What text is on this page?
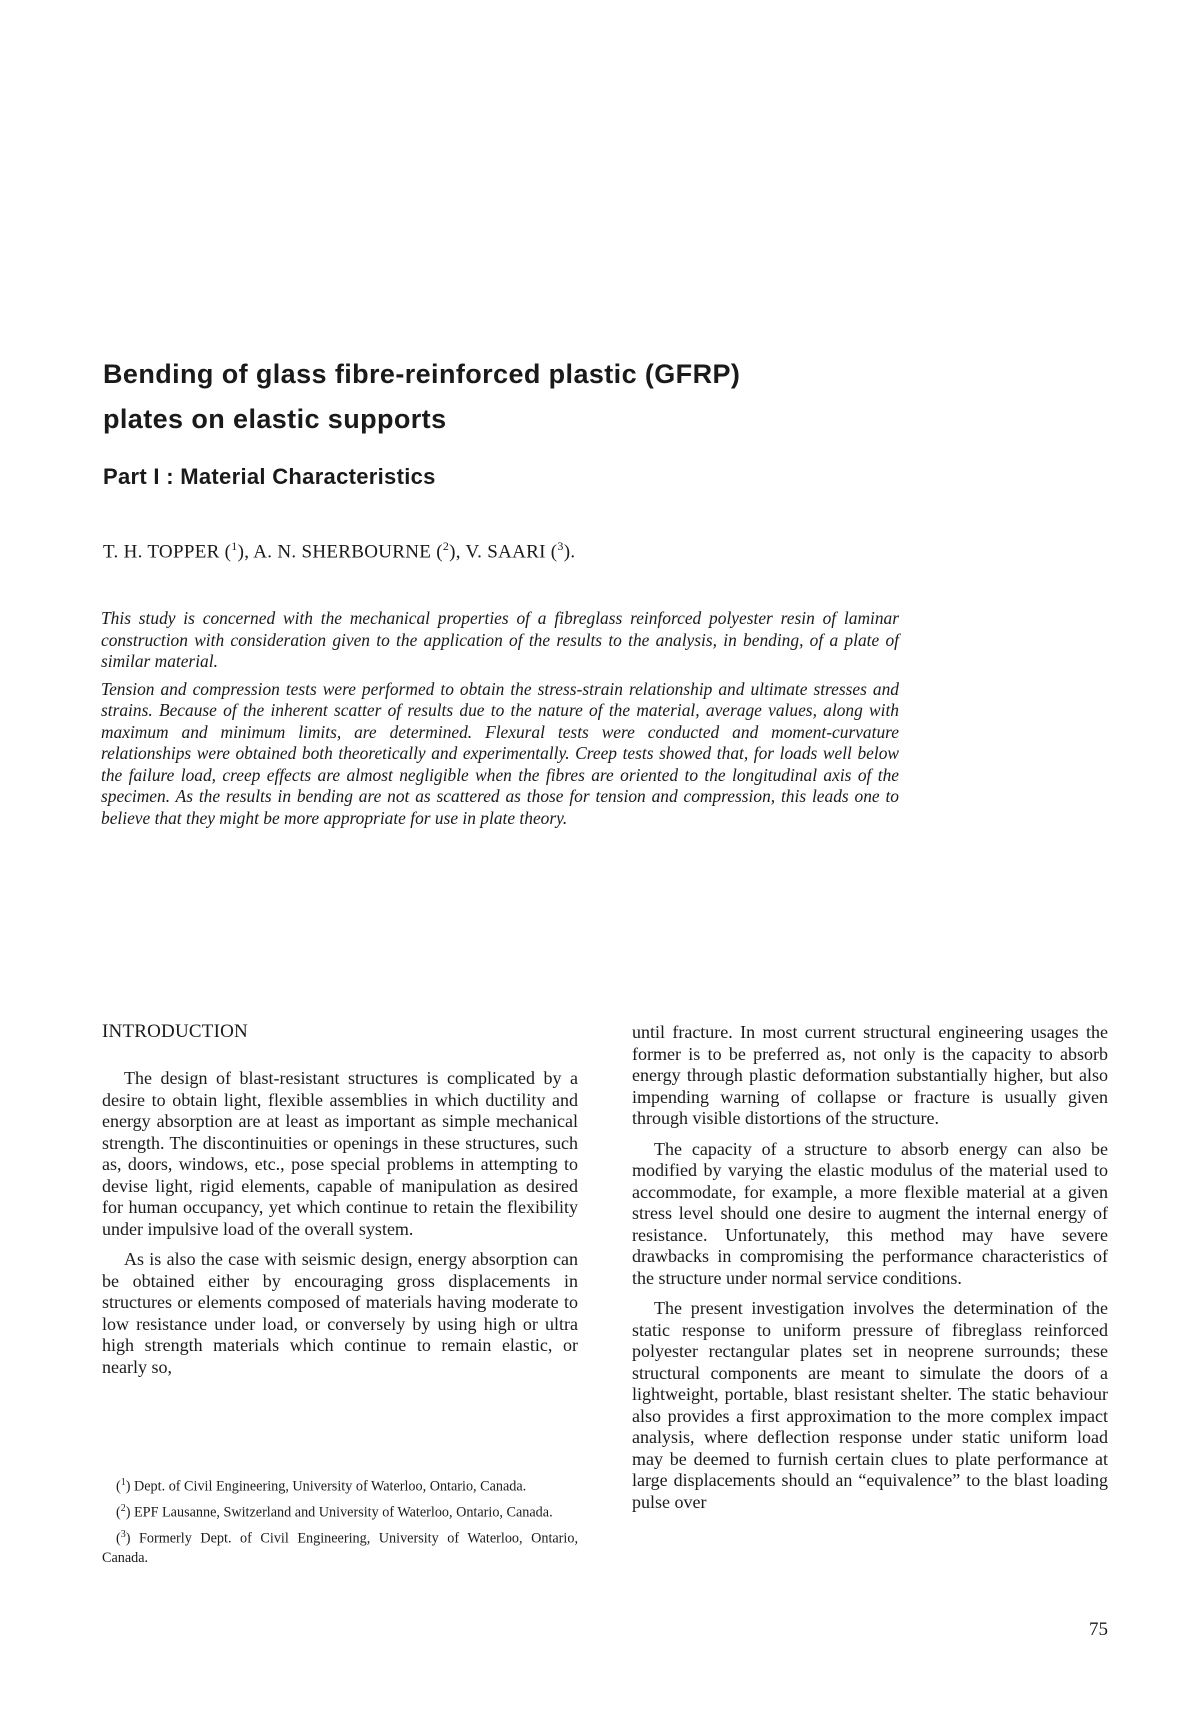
Bending of glass fibre-reinforced plastic (GFRP)
plates on elastic supports
Part I : Material Characteristics
T. H. TOPPER ($^1$), A. N. SHERBOURNE ($^2$), V. SAARI ($^3$).

This study is concerned with the mechanical properties of a fibreglass reinforced polyester resin of laminar construction with consideration given to the application of the results to the analysis, in bending, of a plate of similar material.

Tension and compression tests were performed to obtain the stress-strain relationship and ultimate stresses and strains. Because of the inherent scatter of results due to the nature of the material, average values, along with maximum and minimum limits, are determined. Flexural tests were conducted and moment-curvature relationships were obtained both theoretically and experimentally. Creep tests showed that, for loads well below the failure load, creep effects are almost negligible when the fibres are oriented to the longitudinal axis of the specimen. As the results in bending are not as scattered as those for tension and compression, this leads one to believe that they might be more appropriate for use in plate theory.

INTRODUCTION

The design of blast-resistant structures is complicated by a desire to obtain light, flexible assemblies in which ductility and energy absorption are at least as important as simple mechanical strength. The discontinuities or openings in these structures, such as, doors, windows, etc., pose special problems in attempting to devise light, rigid elements, capable of manipulation as desired for human occupancy, yet which continue to retain the flexibility under impulsive load of the overall system.

As is also the case with seismic design, energy absorption can be obtained either by encouraging gross displacements in structures or elements composed of materials having moderate to low resistance under load, or conversely by using high or ultra high strength materials which continue to remain elastic, or nearly so,

($^1$) Dept. of Civil Engineering, University of Waterloo, Ontario, Canada.

($^2$) EPF Lausanne, Switzerland and University of Waterloo, Ontario, Canada.

($^3$) Formerly Dept. of Civil Engineering, University of Waterloo, Ontario, Canada.

until fracture. In most current structural engineering usages the former is to be preferred as, not only is the capacity to absorb energy through plastic deformation substantially higher, but also impending warning of collapse or fracture is usually given through visible distortions of the structure.

The capacity of a structure to absorb energy can also be modified by varying the elastic modulus of the material used to accommodate, for example, a more flexible material at a given stress level should one desire to augment the internal energy of resistance. Unfortunately, this method may have severe drawbacks in compromising the performance characteristics of the structure under normal service conditions.

The present investigation involves the determination of the static response to uniform pressure of fibreglass reinforced polyester rectangular plates set in neoprene surrounds; these structural components are meant to simulate the doors of a lightweight, portable, blast resistant shelter. The static behaviour also provides a first approximation to the more complex impact analysis, where deflection response under static uniform load may be deemed to furnish certain clues to plate performance at large displacements should an “equivalence” to the blast loading pulse over

75
